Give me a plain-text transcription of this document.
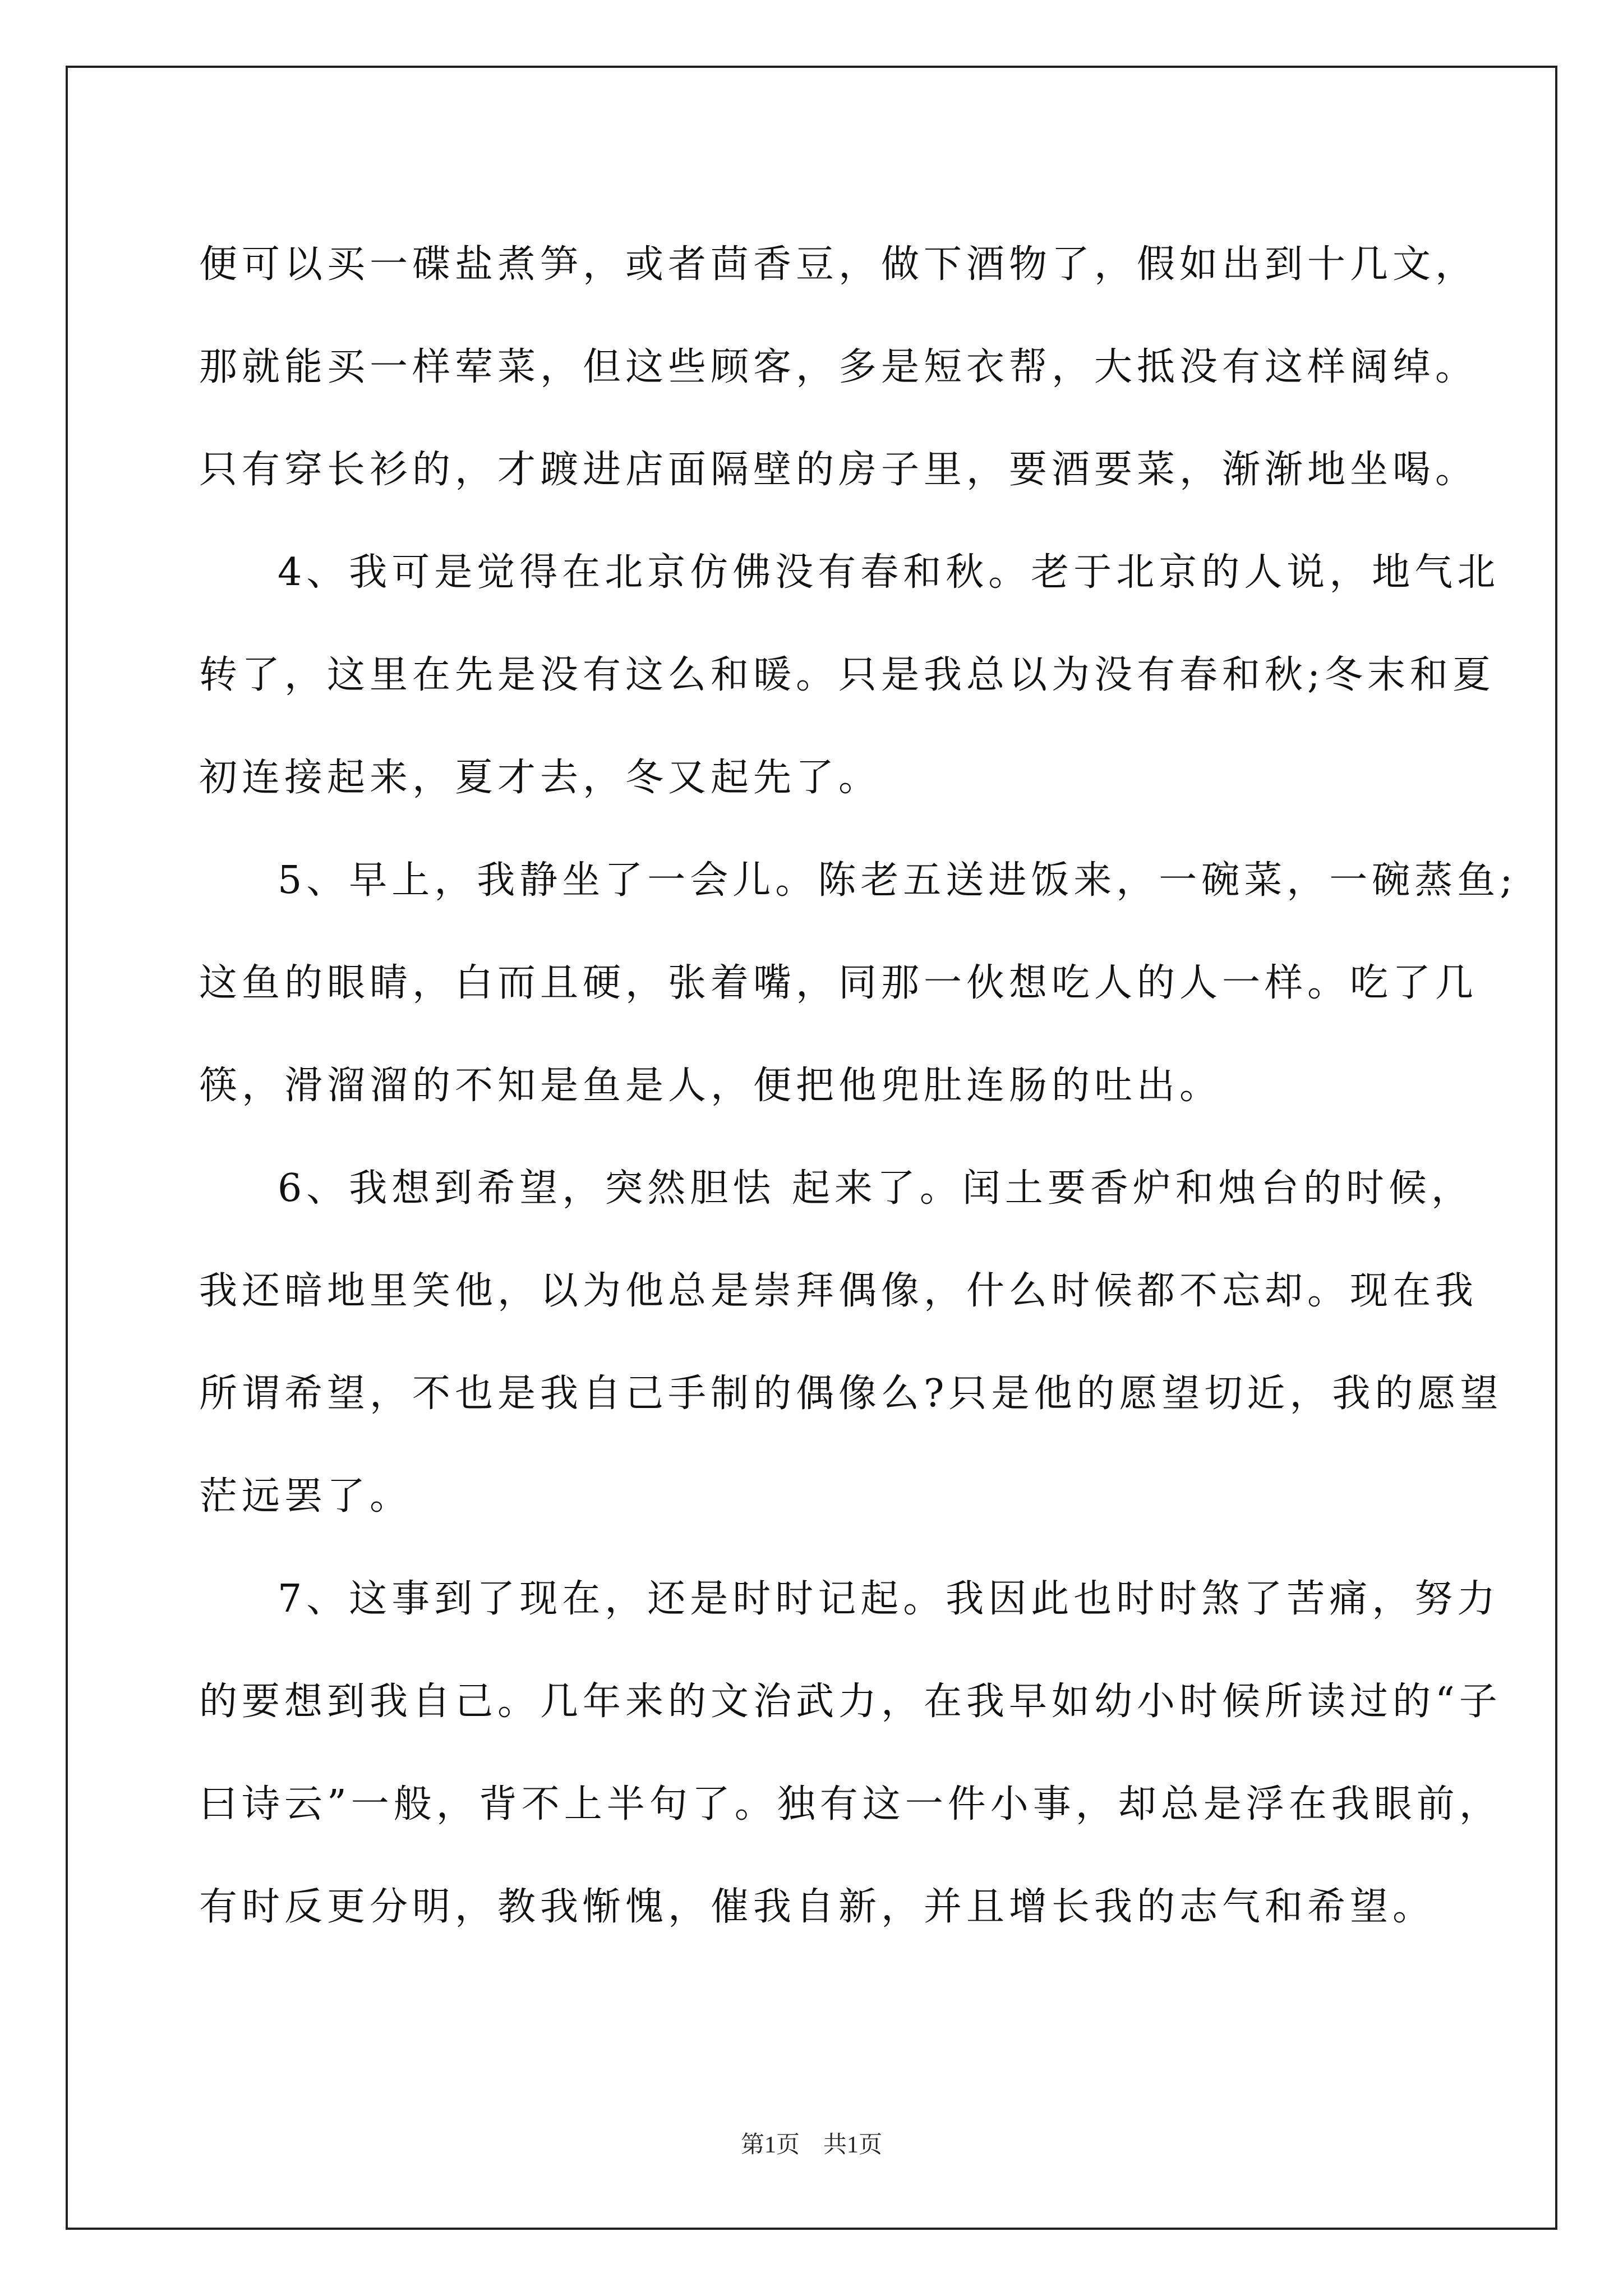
便可以买一碟盐煮笋，或者茴香豆，做下酒物了，假如出到十几文，
那就能买一样荤菜，但这些顾客，多是短衣帮，大抵没有这样阔绰。
只有穿长衫的，才踱进店面隔壁的房子里，要酒要菜，渐渐地坐喝。
4、我可是觉得在北京仿佛没有春和秋。老于北京的人说，地气北
转了，这里在先是没有这么和暖。只是我总以为没有春和秋;冬末和夏
初连接起来，夏才去，冬又起先了。
5、早上，我静坐了一会儿。陈老五送进饭来，一碗菜，一碗蒸鱼;
这鱼的眼睛，白而且硬，张着嘴，同那一伙想吃人的人一样。吃了几
筷，滑溜溜的不知是鱼是人，便把他兜肚连肠的吐出。
6、我想到希望，突然胆怯 起来了。闰土要香炉和烛台的时候，
我还暗地里笑他，以为他总是崇拜偶像，什么时候都不忘却。现在我
所谓希望，不也是我自己手制的偶像么?只是他的愿望切近，我的愿望
茫远罢了。
7、这事到了现在，还是时时记起。我因此也时时煞了苦痛，努力
的要想到我自己。几年来的文治武力，在我早如幼小时候所读过的“子
曰诗云”一般，背不上半句了。独有这一件小事，却总是浮在我眼前，
有时反更分明，教我惭愧，催我自新，并且增长我的志气和希望。
第1页　共1页
